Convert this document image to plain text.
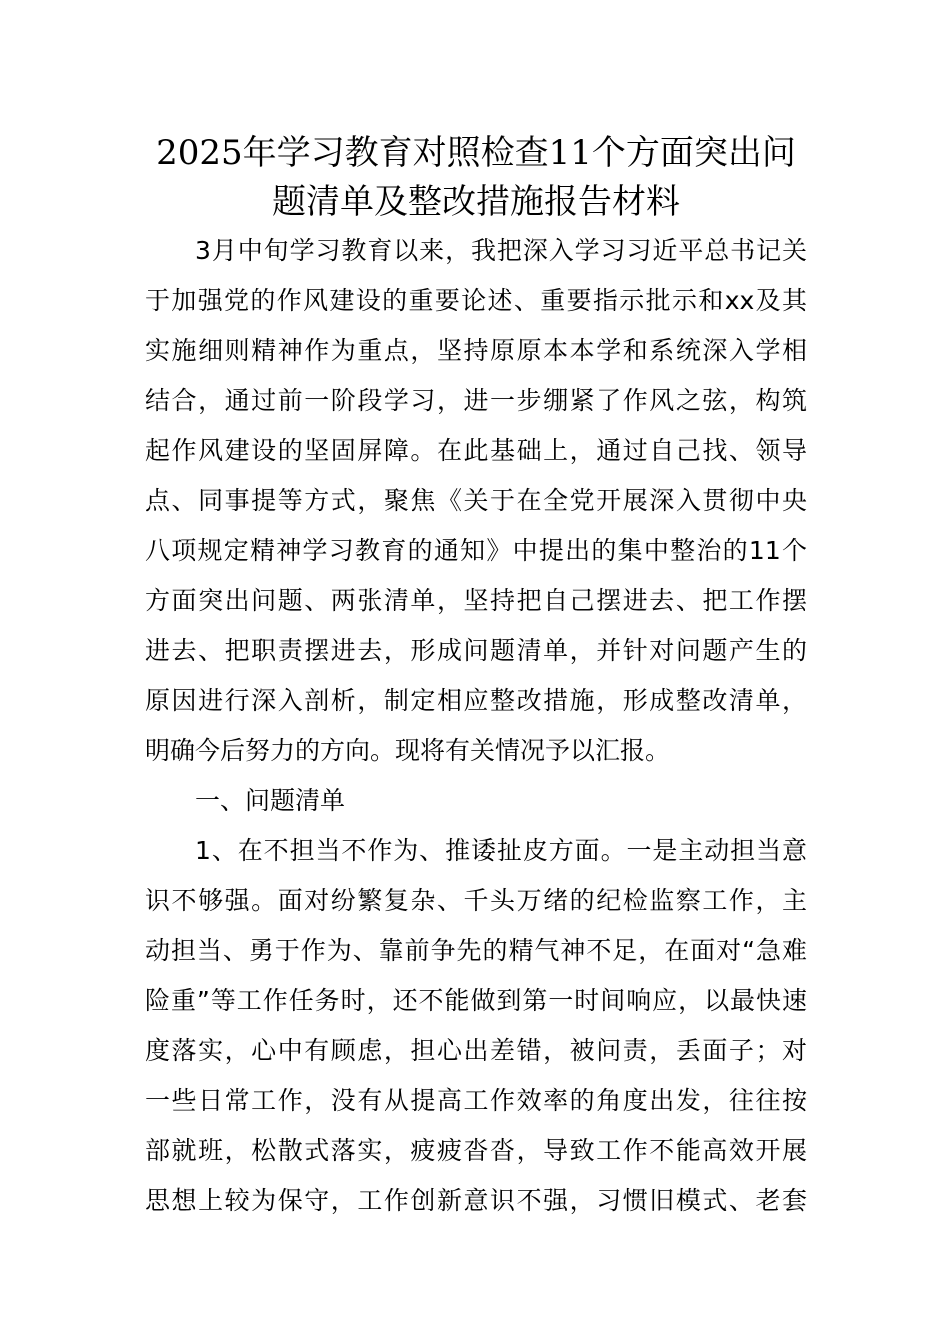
2025年学习教育对照检查11个方面突出问
题清单及整改措施报告材料
3月中旬学习教育以来，我把深入学习习近平总书记关
于加强党的作风建设的重要论述、重要指示批示和xx及其
实施细则精神作为重点，坚持原原本本学和系统深入学相
结合，通过前一阶段学习，进一步绷紧了作风之弦，构筑
起作风建设的坚固屏障。在此基础上，通过自己找、领导
点、同事提等方式，聚焦《关于在全党开展深入贯彻中央
八项规定精神学习教育的通知》中提出的集中整治的11个
方面突出问题、两张清单，坚持把自己摆进去、把工作摆
进去、把职责摆进去，形成问题清单，并针对问题产生的
原因进行深入剖析，制定相应整改措施，形成整改清单，
明确今后努力的方向。现将有关情况予以汇报。
一、问题清单
1、在不担当不作为、推诿扯皮方面。一是主动担当意
识不够强。面对纷繁复杂、千头万绪的纪检监察工作，主
动担当、勇于作为、靠前争先的精气神不足，在面对“急难
险重”等工作任务时，还不能做到第一时间响应，以最快速
度落实，心中有顾虑，担心出差错，被问责，丢面子；对
一些日常工作，没有从提高工作效率的角度出发，往往按
部就班，松散式落实，疲疲沓沓，导致工作不能高效开展
思想上较为保守，工作创新意识不强，习惯旧模式、老套
